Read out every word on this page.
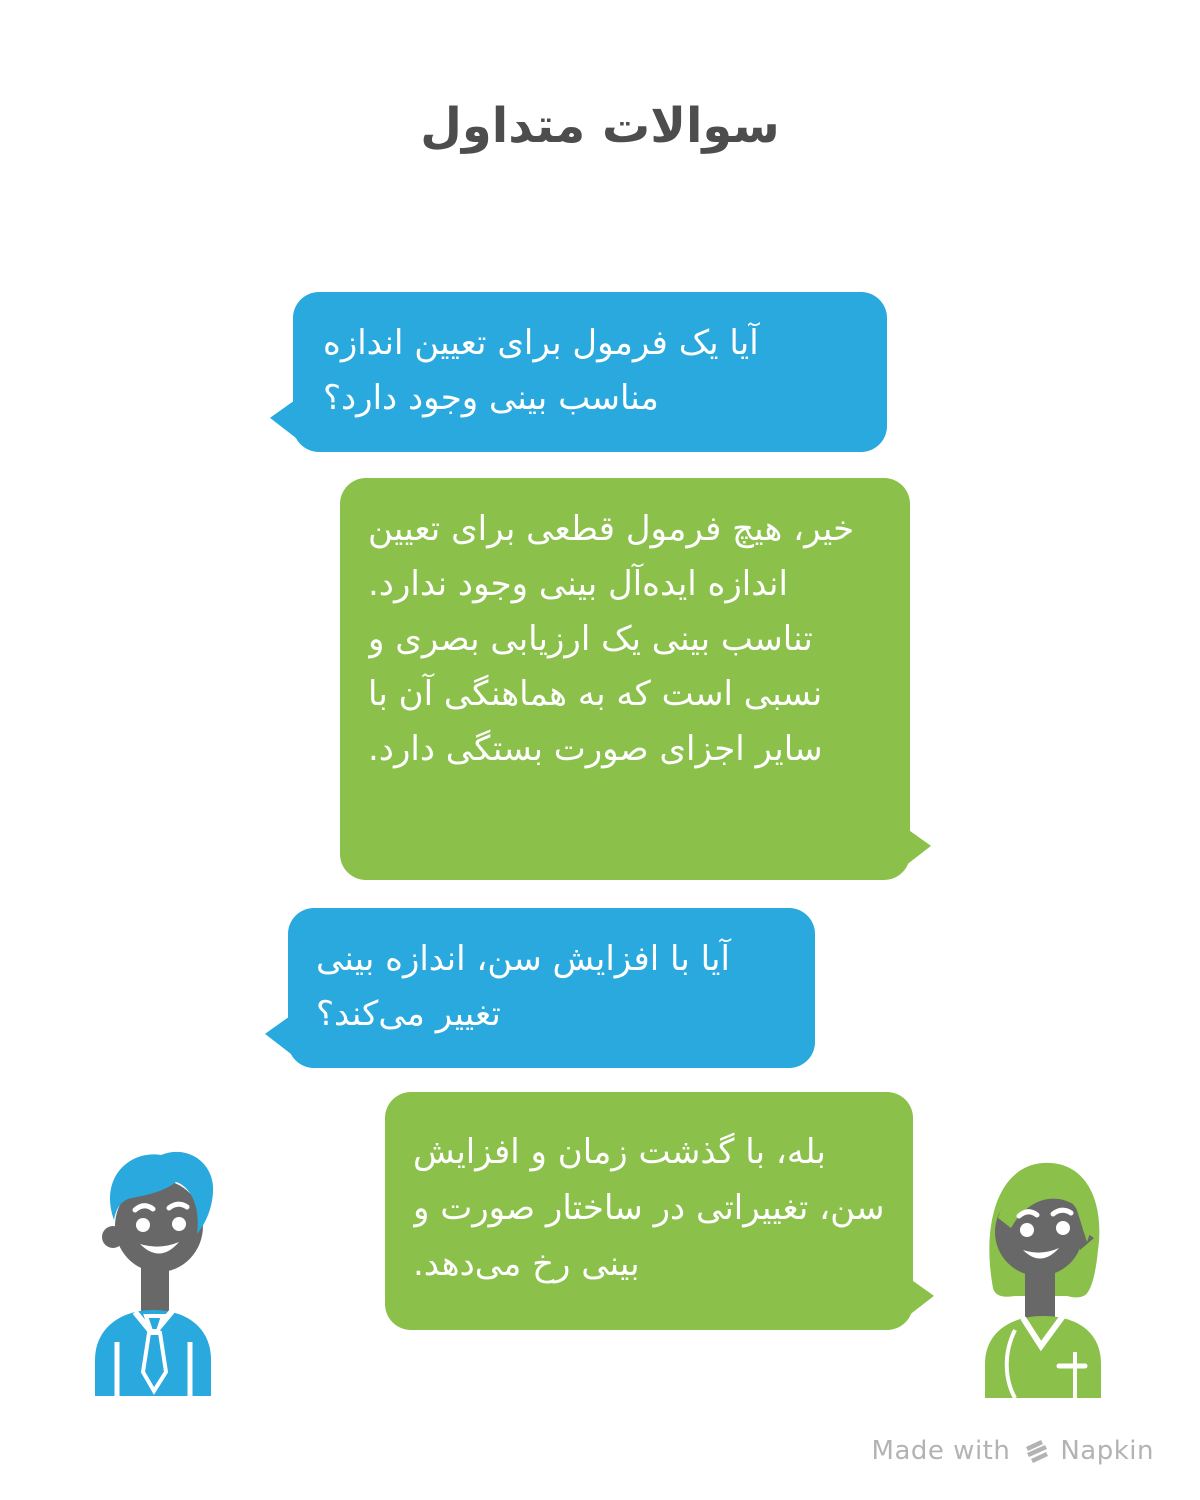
سوالات متداول
آیا یک فرمول برای تعیین اندازه مناسب بینی وجود دارد؟
خیر، هیچ فرمول قطعی برای تعیین اندازه ایده‌آل بینی وجود ندارد. تناسب بینی یک ارزیابی بصری و نسبی است که به هماهنگی آن با سایر اجزای صورت بستگی دارد.
آیا با افزایش سن، اندازه بینی تغییر می‌کند؟
بله، با گذشت زمان و افزایش سن، تغییراتی در ساختار صورت و بینی رخ می‌دهد.
Made with Napkin
